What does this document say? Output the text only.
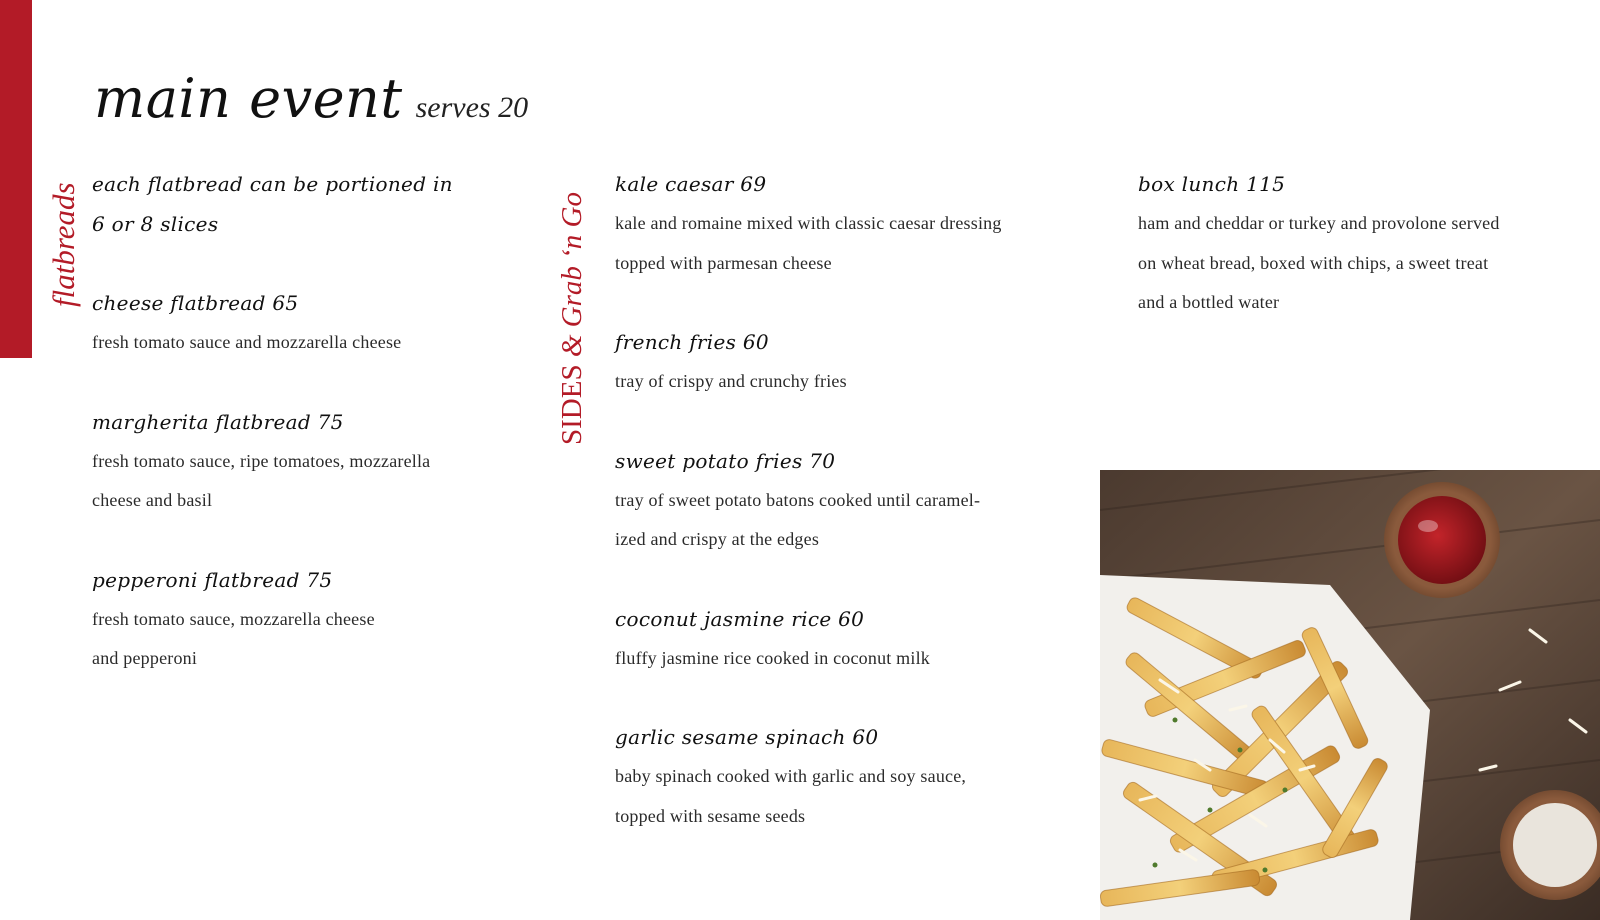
main event serves 20
flatbreads
SIDES & Grab ‘n Go
each flatbread can be portioned in
6 or 8 slices
cheese flatbread 65
fresh tomato sauce and mozzarella cheese
margherita flatbread 75
fresh tomato sauce, ripe tomatoes, mozzarella
cheese and basil
pepperoni flatbread 75
fresh tomato sauce, mozzarella cheese
and pepperoni
kale caesar 69
kale and romaine mixed with classic caesar dressing
topped with parmesan cheese
french fries 60
tray of crispy and crunchy fries
sweet potato fries 70
tray of sweet potato batons cooked until caramel-
ized and crispy at the edges
coconut jasmine rice 60
fluffy jasmine rice cooked in coconut milk
garlic sesame spinach 60
baby spinach cooked with garlic and soy sauce,
topped with sesame seeds
box lunch 115
ham and cheddar or turkey and provolone served
on wheat bread, boxed with chips, a sweet treat
and a bottled water
